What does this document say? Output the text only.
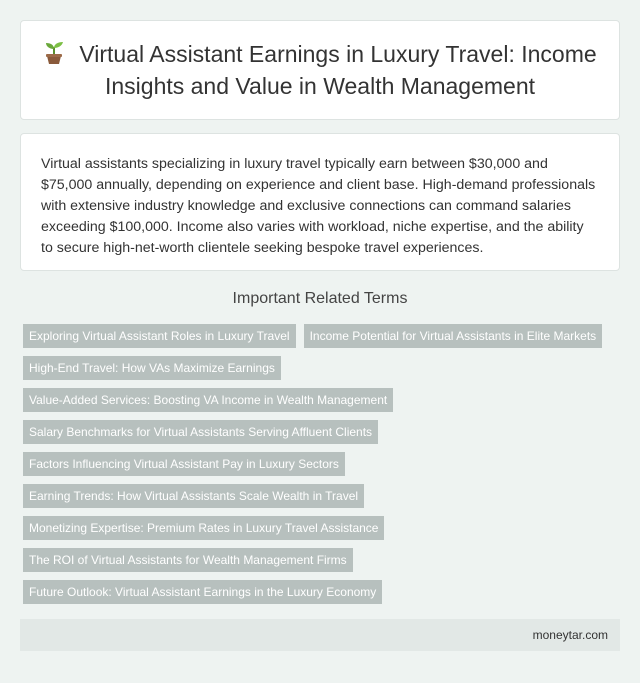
Virtual Assistant Earnings in Luxury Travel: Income Insights and Value in Wealth Management

Virtual assistants specializing in luxury travel typically earn between $30,000 and $75,000 annually, depending on experience and client base. High-demand professionals with extensive industry knowledge and exclusive connections can command salaries exceeding $100,000. Income also varies with workload, niche expertise, and the ability to secure high-net-worth clientele seeking bespoke travel experiences.

Important Related Terms
Exploring Virtual Assistant Roles in Luxury Travel	Income Potential for Virtual Assistants in Elite Markets
High-End Travel: How VAs Maximize Earnings
Value-Added Services: Boosting VA Income in Wealth Management
Salary Benchmarks for Virtual Assistants Serving Affluent Clients
Factors Influencing Virtual Assistant Pay in Luxury Sectors
Earning Trends: How Virtual Assistants Scale Wealth in Travel
Monetizing Expertise: Premium Rates in Luxury Travel Assistance
The ROI of Virtual Assistants for Wealth Management Firms
Future Outlook: Virtual Assistant Earnings in the Luxury Economy
moneytar.com
